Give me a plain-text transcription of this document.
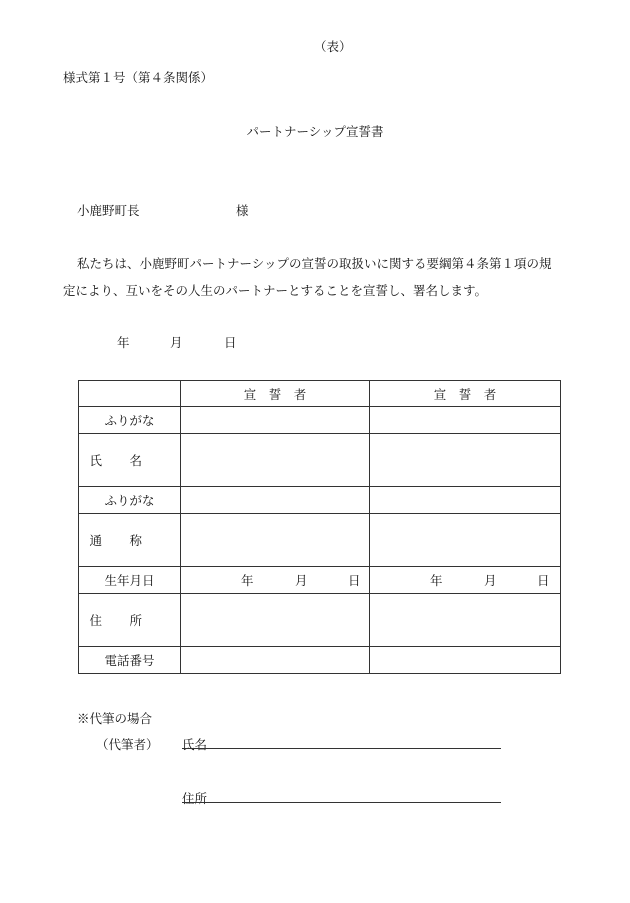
（表）
様式第１号（第４条関係）
パートナーシップ宣誓書
小鹿野町長	様
私たちは、小鹿野町パートナーシップの宣誓の取扱いに関する要綱第４条第１項の規
定により、互いをその人生のパートナーとすることを宣誓し、署名します。
年	月	日
	宣　誓　者	宣　誓　者
ふりがな		
氏名		
ふりがな		
通称		
生年月日	年 月 日	年 月 日

住所		
電話番号		
※代筆の場合
（代筆者） 氏名
住所
